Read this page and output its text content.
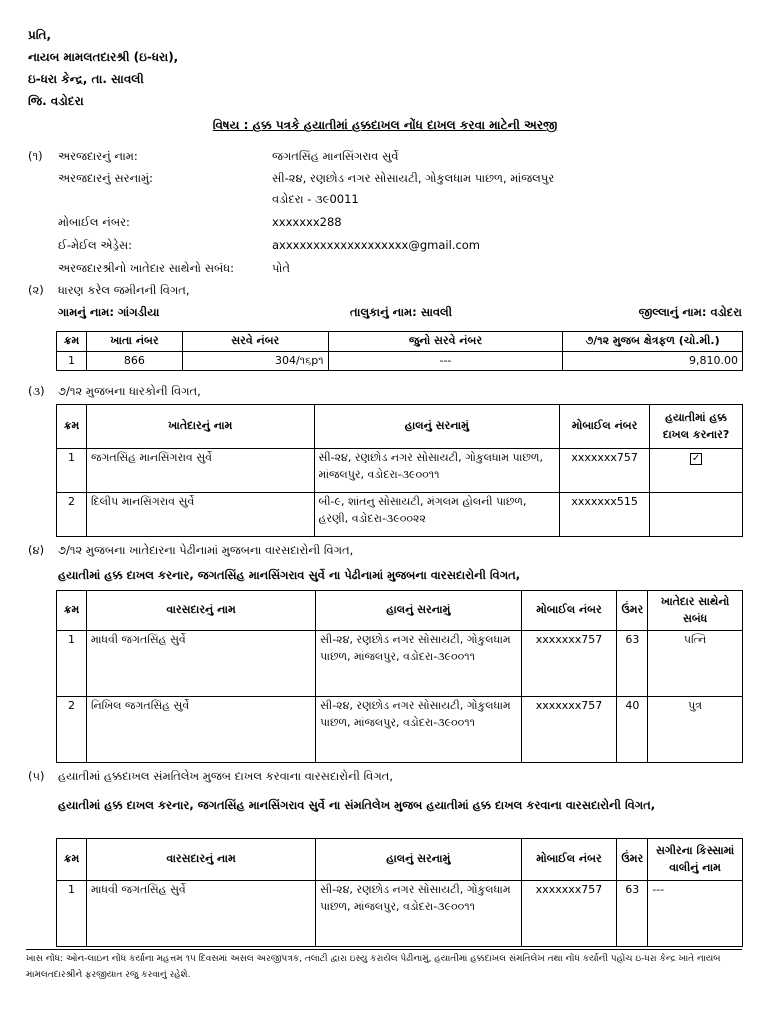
પ્રતિ,
નાયબ મામલતદારશ્રી (ઇ-ધરા),
ઇ-ધરા કેન્દ્ર, તા. સાવલી
જિ. વડોદરા
વિષય : હક્ક પત્રકે હયાતીમાં હક્કદાખલ નોંધ દાખલ કરવા માટેની અરજી
(૧) અરજદારનું નામ:	જગતસિંહ માનસિંગરાવ સુર્વે
અરજદારનું સરનામું:	સી-૨૪, રણછોડ નગર સોસાયટી, ગોકુલધામ પાછળ, માંજલપુર
વડોદરા - ૩૯0011
મોબાઈલ નંબર:	xxxxxxx288
ઈ-મેઈલ એડ્રેસ:	axxxxxxxxxxxxxxxxxxx@gmail.com
અરજદારશ્રીનો ખાતેદાર સાથેનો સબંધ:	પોતે
(૨) ધારણ કરેલ જમીનની વિગત,
ગામનું નામ: ગાંગડીયા	તાલુકાનું નામ: સાવલી	જીલ્લાનું નામ: વડોદરા
ક્રમ	ખાતા નંબર	સરવે નંબર	જુનો સરવે નંબર	૭/૧૨ મુજબ ક્ષેત્રફળ (ચો.મી.)
1	866	304/૧૬p૧	---	9,810.00
(૩) ૭/૧૨ મુજબના ધારકોની વિગત,
ક્રમ	ખાતેદારનું નામ	હાલનું સરનામું	મોબાઈલ નંબર	હયાતીમાં હક્ક દાખલ કરનાર?
1	જગતસિંહ માનસિંગરાવ સુર્વે	સી-૨૪, રણછોડ નગર સોસાયટી, ગોકુલધામ પાછળ, માંજલપુર, વડોદરા-૩૯૦૦૧૧	xxxxxxx757	✓
2	દિલીપ માનસિંગરાવ સુર્વે	બી-૯, શાંતનુ સોસાયટી, મંગલમ હોલની પાછળ, હરણી, વડોદરા-૩૯૦૦૨૨	xxxxxxx515	
(૪) ૭/૧૨ મુજબના ખાતેદારના પેઢીનામાં મુજબના વારસદારોની વિગત,
હયાતીમાં હક્ક દાખલ કરનાર, જગતસિંહ માનસિંગરાવ સુર્વે ના પેઢીનામાં મુજબના વારસદારોની વિગત,
ક્રમ	વારસદારનું નામ	હાલનું સરનામું	મોબાઈલ નંબર	ઉંમર	ખાતેદાર સાથેનો સબંધ
1	માધવી જગતસિંહ સુર્વે	સી-૨૪, રણછોડ નગર સોસાયટી, ગોકુલધામ પાછળ, માંજલપુર, વડોદરા-૩૯૦૦૧૧	xxxxxxx757	63	પત્નિ
2	નિખિલ જગતસિંહ સુર્વે	સી-૨૪, રણછોડ નગર સોસાયટી, ગોકુલધામ પાછળ, માંજલપુર, વડોદરા-૩૯૦૦૧૧	xxxxxxx757	40	પુત્ર
(૫) હયાતીમાં હક્કદાખલ સંમતિલેખ મુજબ દાખલ કરવાના વારસદારોની વિગત,
હયાતીમાં હક્ક દાખલ કરનાર, જગતસિંહ માનસિંગરાવ સુર્વે ના સંમતિલેખ મુજબ હયાતીમાં હક્ક દાખલ કરવાના વારસદારોની વિગત,
ક્રમ	વારસદારનું નામ	હાલનું સરનામું	મોબાઈલ નંબર	ઉંમર	સગીરના કિસ્સામાં વાલીનું નામ
1	માધવી જગતસિંહ સુર્વે	સી-૨૪, રણછોડ નગર સોસાયટી, ગોકુલધામ પાછળ, માંજલપુર, વડોદરા-૩૯૦૦૧૧	xxxxxxx757	63	---
ખાસ નોંધ: ઓન-લાઇન નોંધ કર્યાના મહત્તમ ૧૫ દિવસમાં અસલ અરજીપત્રક, તલાટી દ્વારા ઇસ્યુ કરાયેલ પેઢીનામું, હયાતીમાં હક્કદાખલ સંમતિલેખ તથા નોંધ કર્યાની પહોંચ ઇ-ધરા કેન્દ્ર ખાતે નાયબ મામલતદારશ્રીને ફરજીયાત રજુ કરવાનું રહેશે.
